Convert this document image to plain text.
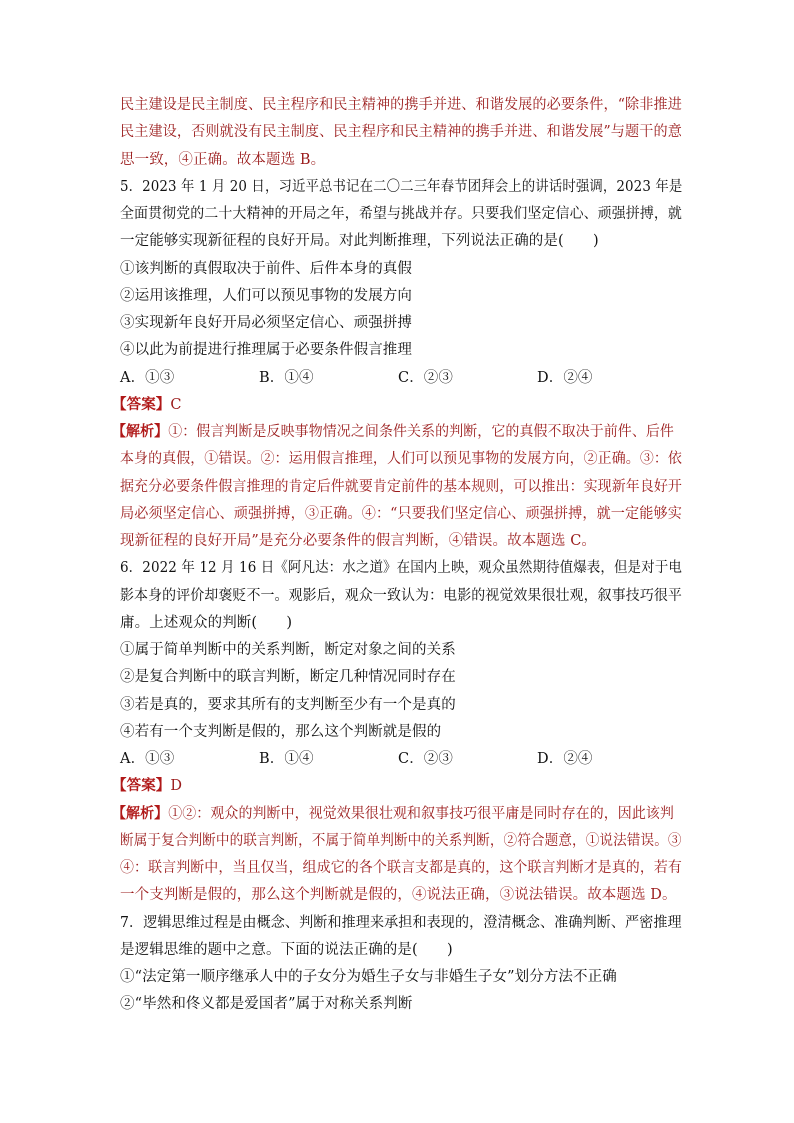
民主建设是民主制度、民主程序和民主精神的携手并进、和谐发展的必要条件，“除非推进
民主建设，否则就没有民主制度、民主程序和民主精神的携手并进、和谐发展”与题干的意
思一致，④正确。故本题选 B。
5．2023 年 1 月 20 日，习近平总书记在二〇二三年春节团拜会上的讲话时强调，2023 年是
全面贯彻党的二十大精神的开局之年，希望与挑战并存。只要我们坚定信心、顽强拼搏，就
一定能够实现新征程的良好开局。对此判断推理，下列说法正确的是(　　)
①该判断的真假取决于前件、后件本身的真假
②运用该推理，人们可以预见事物的发展方向
③实现新年良好开局必须坚定信心、顽强拼搏
④以此为前提进行推理属于必要条件假言推理
A．①③	B．①④	C．②③	D．②④
【答案】C
【解析】①：假言判断是反映事物情况之间条件关系的判断，它的真假不取决于前件、后件
本身的真假，①错误。②：运用假言推理，人们可以预见事物的发展方向，②正确。③：依
据充分必要条件假言推理的肯定后件就要肯定前件的基本规则，可以推出：实现新年良好开
局必须坚定信心、顽强拼搏，③正确。④：“只要我们坚定信心、顽强拼搏，就一定能够实
现新征程的良好开局”是充分必要条件的假言判断，④错误。故本题选 C。
6．2022 年 12 月 16 日《阿凡达：水之道》在国内上映，观众虽然期待值爆表，但是对于电
影本身的评价却褒贬不一。观影后，观众一致认为：电影的视觉效果很壮观，叙事技巧很平
庸。上述观众的判断(　　)
①属于简单判断中的关系判断，断定对象之间的关系
②是复合判断中的联言判断，断定几种情况同时存在
③若是真的，要求其所有的支判断至少有一个是真的
④若有一个支判断是假的，那么这个判断就是假的
A．①③	B．①④	C．②③	D．②④
【答案】D
【解析】①②：观众的判断中，视觉效果很壮观和叙事技巧很平庸是同时存在的，因此该判
断属于复合判断中的联言判断，不属于简单判断中的关系判断，②符合题意，①说法错误。③
④：联言判断中，当且仅当，组成它的各个联言支都是真的，这个联言判断才是真的，若有
一个支判断是假的，那么这个判断就是假的，④说法正确，③说法错误。故本题选 D。
7．逻辑思维过程是由概念、判断和推理来承担和表现的，澄清概念、准确判断、严密推理
是逻辑思维的题中之意。下面的说法正确的是(　　)
①“法定第一顺序继承人中的子女分为婚生子女与非婚生子女”划分方法不正确
②“毕然和佟义都是爱国者”属于对称关系判断
